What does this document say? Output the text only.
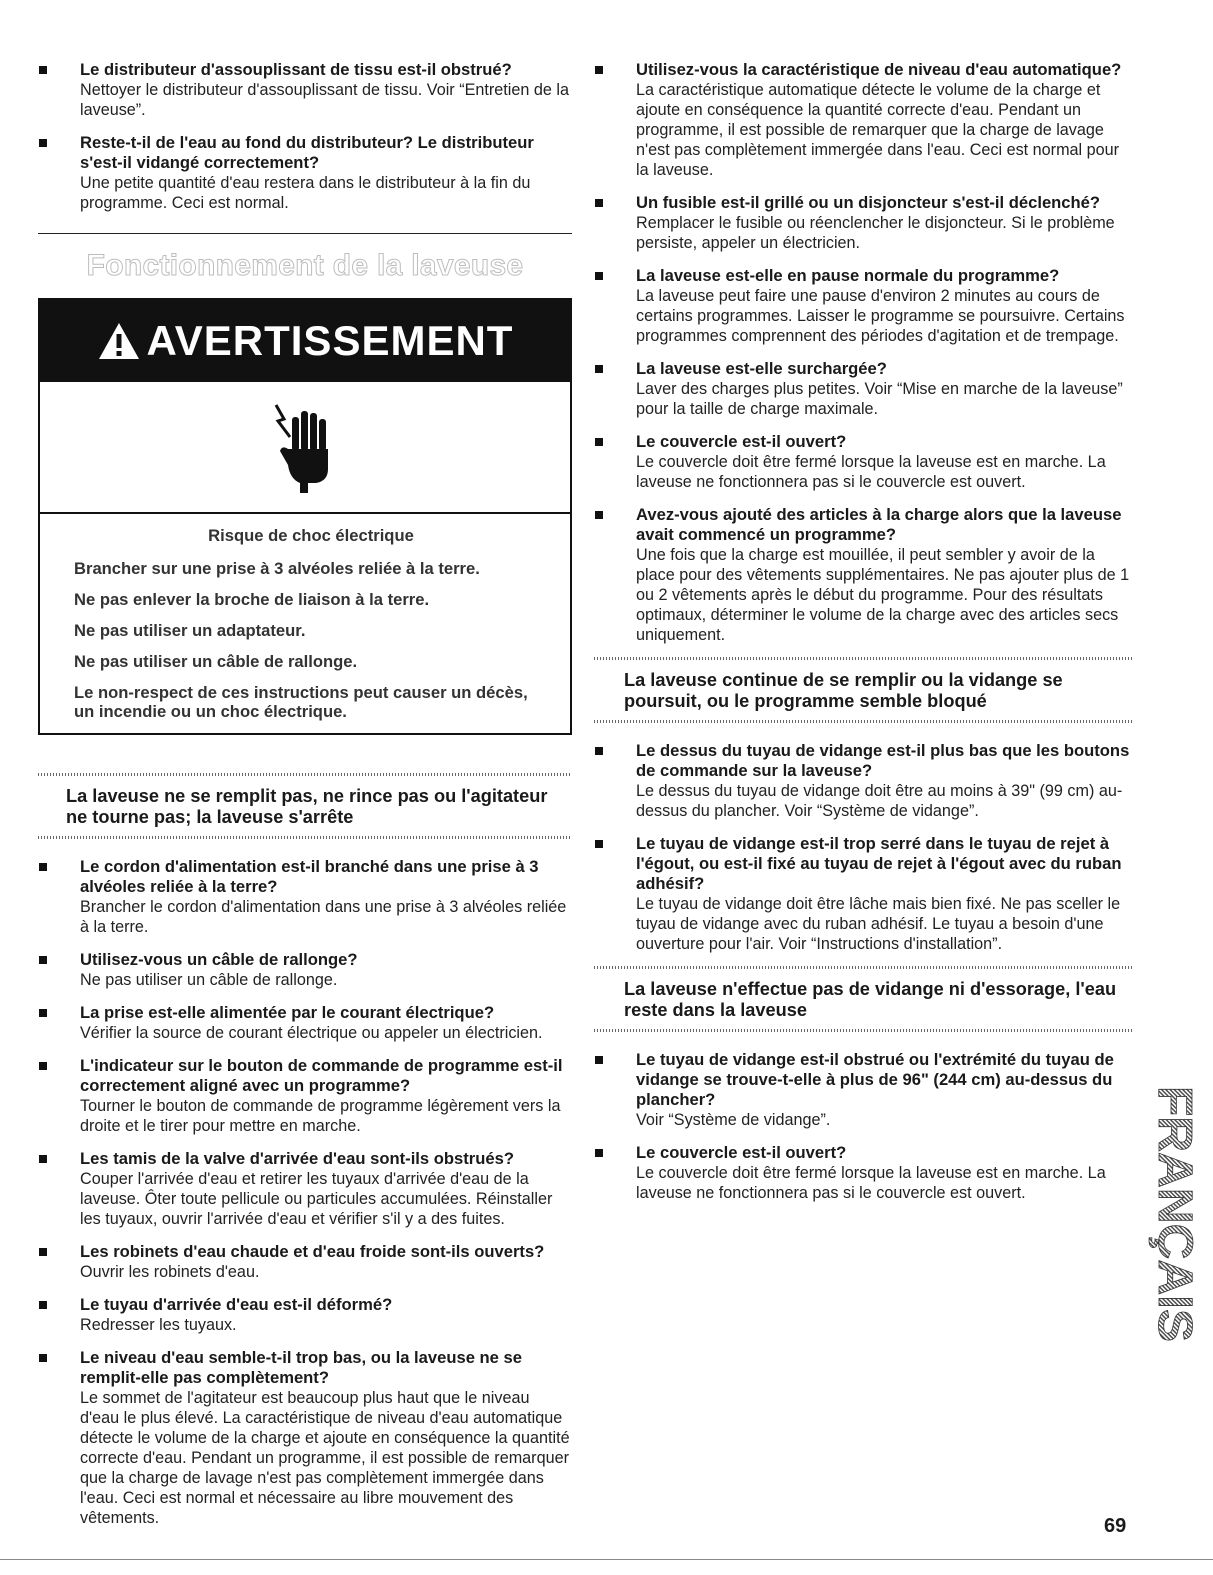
Le distributeur d'assouplissant de tissu est-il obstrué?

Nettoyer le distributeur d'assouplissant de tissu. Voir “Entretien de la laveuse”.

Reste-t-il de l'eau au fond du distributeur? Le distributeur s'est-il vidangé correctement?

Une petite quantité d'eau restera dans le distributeur à la fin du programme. Ceci est normal.

Fonctionnement de la laveuse
AVERTISSEMENT

Risque de choc électrique

Brancher sur une prise à 3 alvéoles reliée à la terre.

Ne pas enlever la broche de liaison à la terre.

Ne pas utiliser un adaptateur.

Ne pas utiliser un câble de rallonge.

Le non-respect de ces instructions peut causer un décès, un incendie ou un choc électrique.

La laveuse ne se remplit pas, ne rince pas ou l'agitateur ne tourne pas; la laveuse s'arrête

Le cordon d'alimentation est-il branché dans une prise à 3 alvéoles reliée à la terre?

Brancher le cordon d'alimentation dans une prise à 3 alvéoles reliée à la terre.

Utilisez-vous un câble de rallonge?

Ne pas utiliser un câble de rallonge.

La prise est-elle alimentée par le courant électrique?

Vérifier la source de courant électrique ou appeler un électricien.

L'indicateur sur le bouton de commande de programme est-il correctement aligné avec un programme?

Tourner le bouton de commande de programme légèrement vers la droite et le tirer pour mettre en marche.

Les tamis de la valve d'arrivée d'eau sont-ils obstrués?

Couper l'arrivée d'eau et retirer les tuyaux d'arrivée d'eau de la laveuse. Ôter toute pellicule ou particules accumulées. Réinstaller les tuyaux, ouvrir l'arrivée d'eau et vérifier s'il y a des fuites.

Les robinets d'eau chaude et d'eau froide sont-ils ouverts?

Ouvrir les robinets d'eau.

Le tuyau d'arrivée d'eau est-il déformé?

Redresser les tuyaux.

Le niveau d'eau semble-t-il trop bas, ou la laveuse ne se remplit-elle pas complètement?

Le sommet de l'agitateur est beaucoup plus haut que le niveau d'eau le plus élevé. La caractéristique de niveau d'eau automatique détecte le volume de la charge et ajoute en conséquence la quantité correcte d'eau. Pendant un programme, il est possible de remarquer que la charge de lavage n'est pas complètement immergée dans l'eau. Ceci est normal et nécessaire au libre mouvement des vêtements.

Utilisez-vous la caractéristique de niveau d'eau automatique?

La caractéristique automatique détecte le volume de la charge et ajoute en conséquence la quantité correcte d'eau. Pendant un programme, il est possible de remarquer que la charge de lavage n'est pas complètement immergée dans l'eau. Ceci est normal pour la laveuse.

Un fusible est-il grillé ou un disjoncteur s'est-il déclenché?

Remplacer le fusible ou réenclencher le disjoncteur. Si le problème persiste, appeler un électricien.

La laveuse est-elle en pause normale du programme?

La laveuse peut faire une pause d'environ 2 minutes au cours de certains programmes. Laisser le programme se poursuivre. Certains programmes comprennent des périodes d'agitation et de trempage.

La laveuse est-elle surchargée?

Laver des charges plus petites. Voir “Mise en marche de la laveuse” pour la taille de charge maximale.

Le couvercle est-il ouvert?

Le couvercle doit être fermé lorsque la laveuse est en marche. La laveuse ne fonctionnera pas si le couvercle est ouvert.

Avez-vous ajouté des articles à la charge alors que la laveuse avait commencé un programme?

Une fois que la charge est mouillée, il peut sembler y avoir de la place pour des vêtements supplémentaires. Ne pas ajouter plus de 1 ou 2 vêtements après le début du programme. Pour des résultats optimaux, déterminer le volume de la charge avec des articles secs uniquement.

La laveuse continue de se remplir ou la vidange se poursuit, ou le programme semble bloqué

Le dessus du tuyau de vidange est-il plus bas que les boutons de commande sur la laveuse?

Le dessus du tuyau de vidange doit être au moins à 39" (99 cm) au-dessus du plancher. Voir “Système de vidange”.

Le tuyau de vidange est-il trop serré dans le tuyau de rejet à l'égout, ou est-il fixé au tuyau de rejet à l'égout avec du ruban adhésif?

Le tuyau de vidange doit être lâche mais bien fixé. Ne pas sceller le tuyau de vidange avec du ruban adhésif. Le tuyau a besoin d'une ouverture pour l'air. Voir “Instructions d'installation”.

La laveuse n'effectue pas de vidange ni d'essorage, l'eau reste dans la laveuse

Le tuyau de vidange est-il obstrué ou l'extrémité du tuyau de vidange se trouve-t-elle à plus de 96" (244 cm) au-dessus du plancher?

Voir “Système de vidange”.

Le couvercle est-il ouvert?

Le couvercle doit être fermé lorsque la laveuse est en marche. La laveuse ne fonctionnera pas si le couvercle est ouvert.	FRANÇAIS
69
